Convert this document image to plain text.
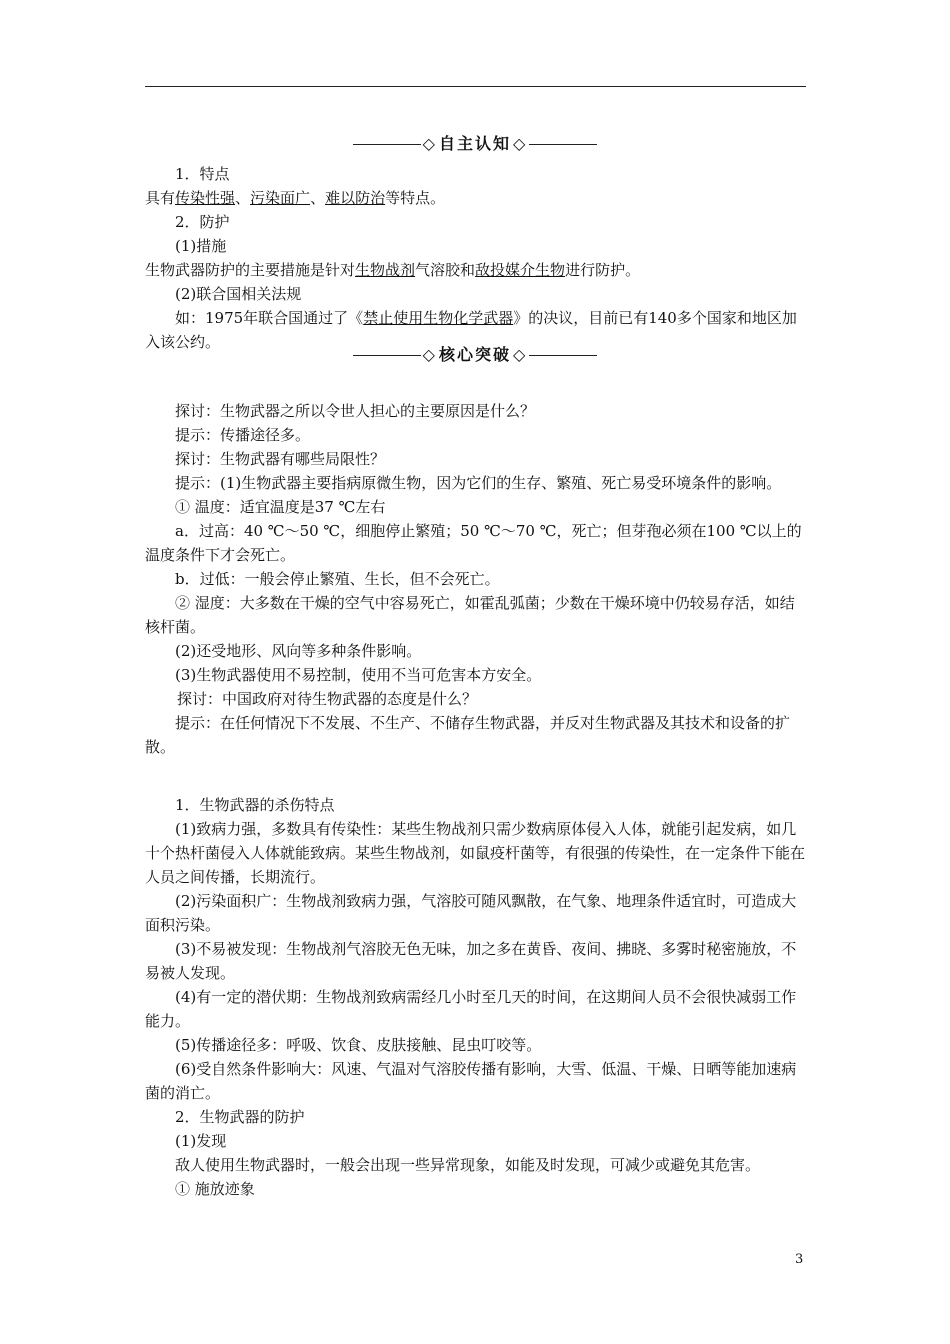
◇ 自主认知 ◇

1．特点

具有传染性强、污染面广、难以防治等特点。

2．防护

(1)措施

生物武器防护的主要措施是针对生物战剂气溶胶和敌投媒介生物进行防护。

(2)联合国相关法规

如：1975年联合国通过了《禁止使用生物化学武器》的决议，目前已有140多个国家和地区加入该公约。

◇ 核心突破 ◇

探讨：生物武器之所以令世人担心的主要原因是什么？

提示：传播途径多。

探讨：生物武器有哪些局限性？

提示：(1)生物武器主要指病原微生物，因为它们的生存、繁殖、死亡易受环境条件的影响。

① 温度：适宜温度是37 ℃左右

a．过高：40 ℃～50 ℃，细胞停止繁殖；50 ℃～70 ℃，死亡；但芽孢必须在100 ℃以上的温度条件下才会死亡。

b．过低：一般会停止繁殖、生长，但不会死亡。

② 湿度：大多数在干燥的空气中容易死亡，如霍乱弧菌；少数在干燥环境中仍较易存活，如结核杆菌。

(2)还受地形、风向等多种条件影响。

(3)生物武器使用不易控制，使用不当可危害本方安全。

探讨：中国政府对待生物武器的态度是什么？

提示：在任何情况下不发展、不生产、不储存生物武器，并反对生物武器及其技术和设备的扩散。

1．生物武器的杀伤特点

(1)致病力强，多数具有传染性：某些生物战剂只需少数病原体侵入人体，就能引起发病，如几十个热杆菌侵入人体就能致病。某些生物战剂，如鼠疫杆菌等，有很强的传染性，在一定条件下能在人员之间传播，长期流行。

(2)污染面积广：生物战剂致病力强，气溶胶可随风飘散，在气象、地理条件适宜时，可造成大面积污染。

(3)不易被发现：生物战剂气溶胶无色无味，加之多在黄昏、夜间、拂晓、多雾时秘密施放，不易被人发现。

(4)有一定的潜伏期：生物战剂致病需经几小时至几天的时间，在这期间人员不会很快减弱工作能力。

(5)传播途径多：呼吸、饮食、皮肤接触、昆虫叮咬等。

(6)受自然条件影响大：风速、气温对气溶胶传播有影响，大雪、低温、干燥、日晒等能加速病菌的消亡。

2．生物武器的防护

(1)发现

敌人使用生物武器时，一般会出现一些异常现象，如能及时发现，可减少或避免其危害。

① 施放迹象

3
